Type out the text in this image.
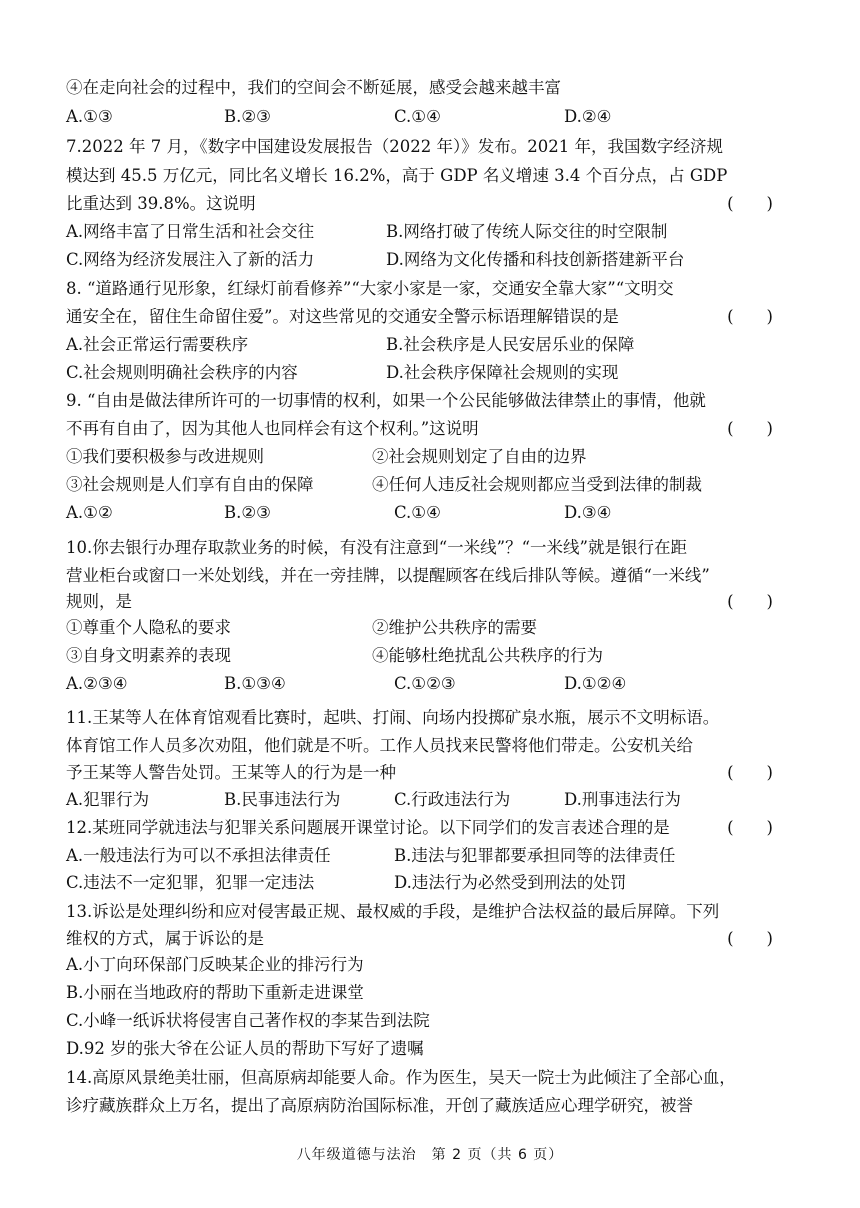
④在走向社会的过程中，我们的空间会不断延展，感受会越来越丰富
A.①③	B.②③	C.①④	D.②④
7.2022 年 7 月，《数字中国建设发展报告（2022 年）》发布。2021 年，我国数字经济规
模达到 45.5 万亿元，同比名义增长 16.2%，高于 GDP 名义增速 3.4 个百分点，占 GDP
比重达到 39.8%。这说明	(　　)
A.网络丰富了日常生活和社会交往	B.网络打破了传统人际交往的时空限制
C.网络为经济发展注入了新的活力	D.网络为文化传播和科技创新搭建新平台
8. “道路通行见形象，红绿灯前看修养”“大家小家是一家，交通安全靠大家”“文明交
通安全在，留住生命留住爱”。对这些常见的交通安全警示标语理解错误的是	(　　)
A.社会正常运行需要秩序	B.社会秩序是人民安居乐业的保障
C.社会规则明确社会秩序的内容	D.社会秩序保障社会规则的实现
9. “自由是做法律所许可的一切事情的权利，如果一个公民能够做法律禁止的事情，他就
不再有自由了，因为其他人也同样会有这个权利。”这说明	(　　)
①我们要积极参与改进规则	②社会规则划定了自由的边界
③社会规则是人们享有自由的保障	④任何人违反社会规则都应当受到法律的制裁
A.①②	B.②③	C.①④	D.③④
10.你去银行办理存取款业务的时候，有没有注意到“一米线”？“一米线”就是银行在距
营业柜台或窗口一米处划线，并在一旁挂牌，以提醒顾客在线后排队等候。遵循“一米线”
规则，是	(　　)
①尊重个人隐私的要求	②维护公共秩序的需要
③自身文明素养的表现	④能够杜绝扰乱公共秩序的行为
A.②③④	B.①③④	C.①②③	D.①②④
11.王某等人在体育馆观看比赛时，起哄、打闹、向场内投掷矿泉水瓶，展示不文明标语。
体育馆工作人员多次劝阻，他们就是不听。工作人员找来民警将他们带走。公安机关给
予王某等人警告处罚。王某等人的行为是一种	(　　)
A.犯罪行为	B.民事违法行为	C.行政违法行为	D.刑事违法行为
12.某班同学就违法与犯罪关系问题展开课堂讨论。以下同学们的发言表述合理的是	(　　)
A.一般违法行为可以不承担法律责任	B.违法与犯罪都要承担同等的法律责任
C.违法不一定犯罪，犯罪一定违法	D.违法行为必然受到刑法的处罚
13.诉讼是处理纠纷和应对侵害最正规、最权威的手段，是维护合法权益的最后屏障。下列
维权的方式，属于诉讼的是	(　　)
A.小丁向环保部门反映某企业的排污行为
B.小丽在当地政府的帮助下重新走进课堂
C.小峰一纸诉状将侵害自己著作权的李某告到法院
D.92 岁的张大爷在公证人员的帮助下写好了遗嘱
14.高原风景绝美壮丽，但高原病却能要人命。作为医生，吴天一院士为此倾注了全部心血，
诊疗藏族群众上万名，提出了高原病防治国际标准，开创了藏族适应心理学研究，被誉
八年级道德与法治　第 2 页（共 6 页）
